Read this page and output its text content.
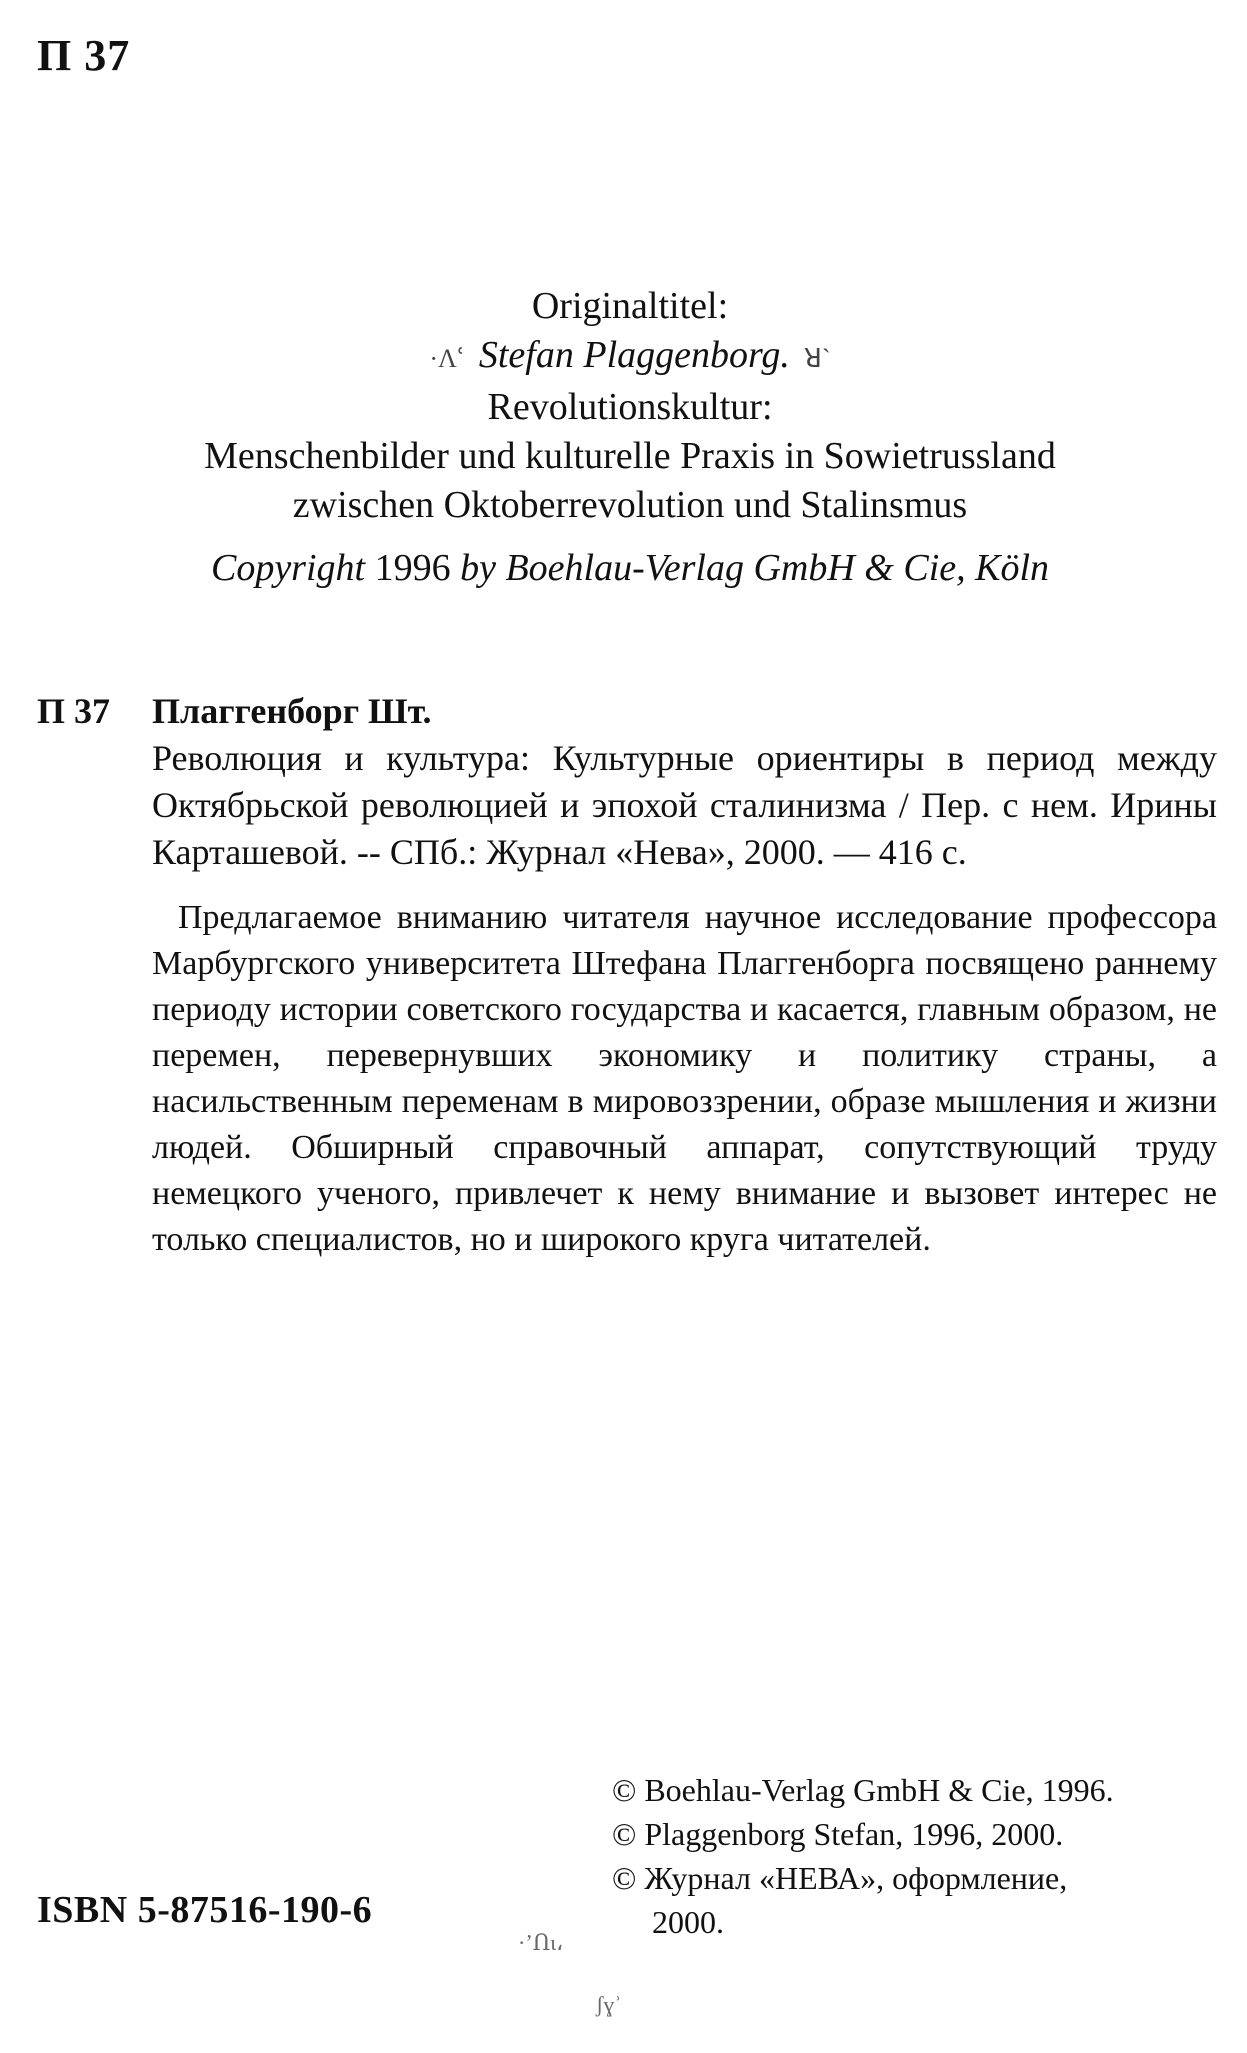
П 37
Originaltitel:
·Ʌՙ Stefan Plaggenborg. ꓤ`
Revolutionskultur:
Menschenbilder und kulturelle Praxis in Sowietrussland
zwischen Oktoberrevolution und Stalinsmus
Copyright 1996 by Boehlau-Verlag GmbH & Cie, Köln
П 37 Плаггенборг Шт.
Революция и культура: Культурные ориентиры в период между Октябрьской революцией и эпохой сталинизма / Пер. с нем. Ирины Карташевой. -- СПб.: Журнал «Нева», 2000. — 416 с.
Предлагаемое вниманию читателя научное исследование профессора Марбургского университета Штефана Плаггенборга посвящено раннему периоду истории советского государства и касается, главным образом, не перемен, перевернувших экономику и политику страны, а насильственным переменам в мировоззрении, образе мышления и жизни людей. Обширный справочный аппарат, сопутствующий труду немецкого ученого, привлечет к нему внимание и вызовет интерес не только специалистов, но и широкого круга читателей.
© Boehlau-Verlag GmbH & Cie, 1996.
© Plaggenborg Stefan, 1996, 2000.
© Журнал «НЕВА», оформление,
2000.
ISBN 5-87516-190-6
·ʼՈɩ،
ʃɣʾ
